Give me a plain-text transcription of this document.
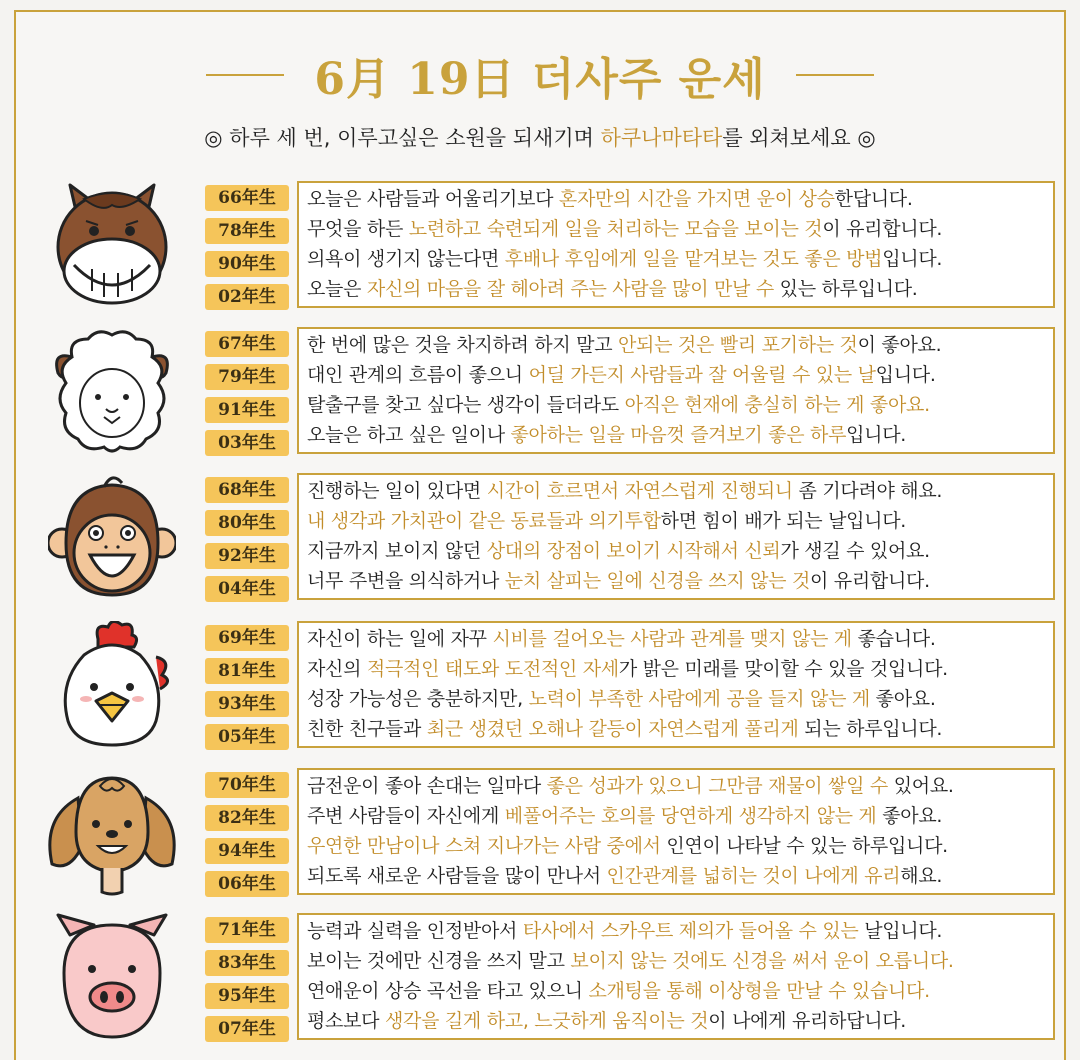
6月 19日 더사주 운세
◎ 하루 세 번, 이루고싶은 소원을 되새기며 하쿠나마타타를 외쳐보세요 ◎
66年生
78年生
90年生
02年生
오늘은 사람들과 어울리기보다 혼자만의 시간을 가지면 운이 상승한답니다.
무엇을 하든 노련하고 숙련되게 일을 처리하는 모습을 보이는 것이 유리합니다.
의욕이 생기지 않는다면 후배나 후임에게 일을 맡겨보는 것도 좋은 방법입니다.
오늘은 자신의 마음을 잘 헤아려 주는 사람을 많이 만날 수 있는 하루입니다.
67年生
79年生
91年生
03年生
한 번에 많은 것을 차지하려 하지 말고 안되는 것은 빨리 포기하는 것이 좋아요.
대인 관계의 흐름이 좋으니 어딜 가든지 사람들과 잘 어울릴 수 있는 날입니다.
탈출구를 찾고 싶다는 생각이 들더라도 아직은 현재에 충실히 하는 게 좋아요.
오늘은 하고 싶은 일이나 좋아하는 일을 마음껏 즐겨보기 좋은 하루입니다.
68年生
80年生
92年生
04年生
진행하는 일이 있다면 시간이 흐르면서 자연스럽게 진행되니 좀 기다려야 해요.
내 생각과 가치관이 같은 동료들과 의기투합하면 힘이 배가 되는 날입니다.
지금까지 보이지 않던 상대의 장점이 보이기 시작해서 신뢰가 생길 수 있어요.
너무 주변을 의식하거나 눈치 살피는 일에 신경을 쓰지 않는 것이 유리합니다.
69年生
81年生
93年生
05年生
자신이 하는 일에 자꾸 시비를 걸어오는 사람과 관계를 맺지 않는 게 좋습니다.
자신의 적극적인 태도와 도전적인 자세가 밝은 미래를 맞이할 수 있을 것입니다.
성장 가능성은 충분하지만, 노력이 부족한 사람에게 공을 들지 않는 게 좋아요.
친한 친구들과 최근 생겼던 오해나 갈등이 자연스럽게 풀리게 되는 하루입니다.
70年生
82年生
94年生
06年生
금전운이 좋아 손대는 일마다 좋은 성과가 있으니 그만큼 재물이 쌓일 수 있어요.
주변 사람들이 자신에게 베풀어주는 호의를 당연하게 생각하지 않는 게 좋아요.
우연한 만남이나 스쳐 지나가는 사람 중에서 인연이 나타날 수 있는 하루입니다.
되도록 새로운 사람들을 많이 만나서 인간관계를 넓히는 것이 나에게 유리해요.
71年生
83年生
95年生
07年生
능력과 실력을 인정받아서 타사에서 스카우트 제의가 들어올 수 있는 날입니다.
보이는 것에만 신경을 쓰지 말고 보이지 않는 것에도 신경을 써서 운이 오릅니다.
연애운이 상승 곡선을 타고 있으니 소개팅을 통해 이상형을 만날 수 있습니다.
평소보다 생각을 길게 하고, 느긋하게 움직이는 것이 나에게 유리하답니다.
